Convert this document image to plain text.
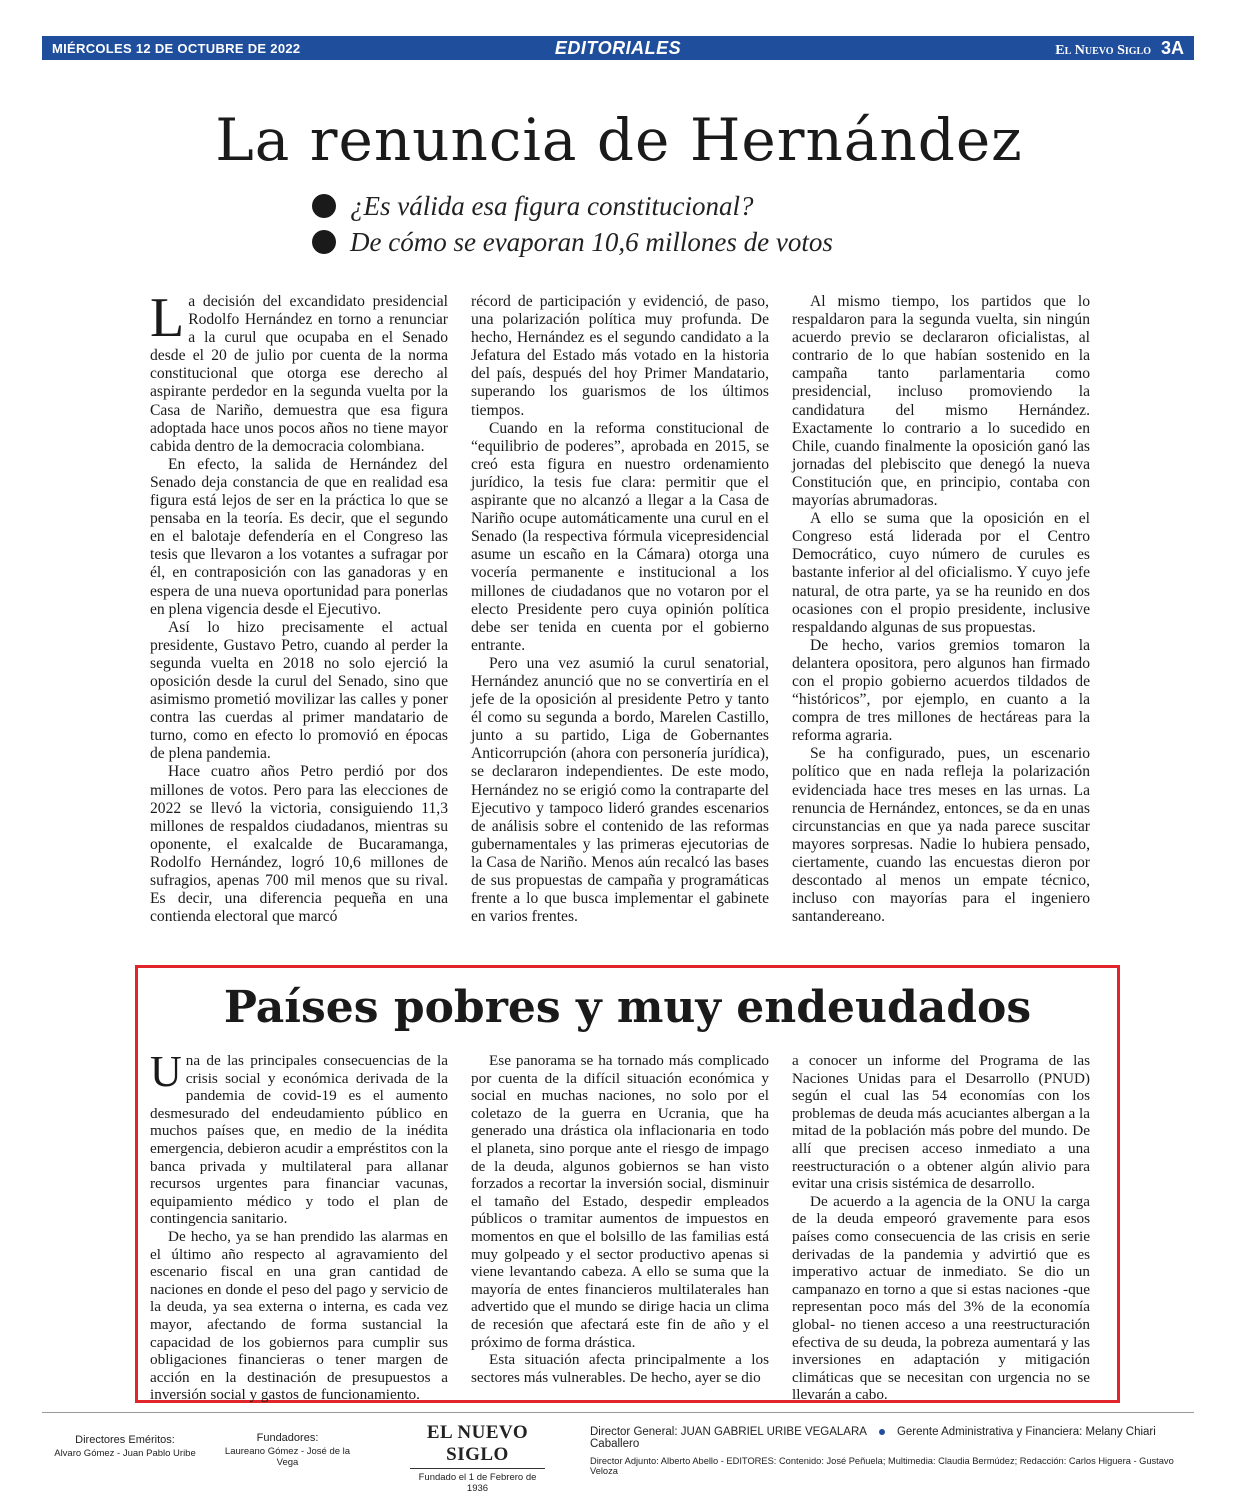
MIÉRCOLES 12 DE OCTUBRE DE 2022	EDITORIALES	El Nuevo Siglo 3A
La renuncia de Hernández
¿Es válida esa figura constitucional?
De cómo se evaporan 10,6 millones de votos

La decisión del excandidato presidencial Rodolfo Hernández en torno a renunciar a la curul que ocupaba en el Senado desde el 20 de julio por cuenta de la norma constitucional que otorga ese derecho al aspirante perdedor en la segunda vuelta por la Casa de Nariño, demuestra que esa figura adoptada hace unos pocos años no tiene mayor cabida dentro de la democracia colombiana.

En efecto, la salida de Hernández del Senado deja constancia de que en realidad esa figura está lejos de ser en la práctica lo que se pensaba en la teoría. Es decir, que el segundo en el balotaje defendería en el Congreso las tesis que llevaron a los votantes a sufragar por él, en contraposición con las ganadoras y en espera de una nueva oportunidad para ponerlas en plena vigencia desde el Ejecutivo.

Así lo hizo precisamente el actual presidente, Gustavo Petro, cuando al perder la segunda vuelta en 2018 no solo ejerció la oposición desde la curul del Senado, sino que asimismo prometió movilizar las calles y poner contra las cuerdas al primer mandatario de turno, como en efecto lo promovió en épocas de plena pandemia.

Hace cuatro años Petro perdió por dos millones de votos. Pero para las elecciones de 2022 se llevó la victoria, consiguiendo 11,3 millones de respaldos ciudadanos, mientras su oponente, el exalcalde de Bucaramanga, Rodolfo Hernández, logró 10,6 millones de sufragios, apenas 700 mil menos que su rival. Es decir, una diferencia pequeña en una contienda electoral que marcó

récord de participación y evidenció, de paso, una polarización política muy profunda. De hecho, Hernández es el segundo candidato a la Jefatura del Estado más votado en la historia del país, después del hoy Primer Mandatario, superando los guarismos de los últimos tiempos.

Cuando en la reforma constitucional de “equilibrio de poderes”, aprobada en 2015, se creó esta figura en nuestro ordenamiento jurídico, la tesis fue clara: permitir que el aspirante que no alcanzó a llegar a la Casa de Nariño ocupe automáticamente una curul en el Senado (la respectiva fórmula vicepresidencial asume un escaño en la Cámara) otorga una vocería permanente e institucional a los millones de ciudadanos que no votaron por el electo Presidente pero cuya opinión política debe ser tenida en cuenta por el gobierno entrante.

Pero una vez asumió la curul senatorial, Hernández anunció que no se convertiría en el jefe de la oposición al presidente Petro y tanto él como su segunda a bordo, Marelen Castillo, junto a su partido, Liga de Gobernantes Anticorrupción (ahora con personería jurídica), se declararon independientes. De este modo, Hernández no se erigió como la contraparte del Ejecutivo y tampoco lideró grandes escenarios de análisis sobre el contenido de las reformas gubernamentales y las primeras ejecutorias de la Casa de Nariño. Menos aún recalcó las bases de sus propuestas de campaña y programáticas frente a lo que busca implementar el gabinete en varios frentes.

Al mismo tiempo, los partidos que lo respaldaron para la segunda vuelta, sin ningún acuerdo previo se declararon oficialistas, al contrario de lo que habían sostenido en la campaña tanto parlamentaria como presidencial, incluso promoviendo la candidatura del mismo Hernández. Exactamente lo contrario a lo sucedido en Chile, cuando finalmente la oposición ganó las jornadas del plebiscito que denegó la nueva Constitución que, en principio, contaba con mayorías abrumadoras.

A ello se suma que la oposición en el Congreso está liderada por el Centro Democrático, cuyo número de curules es bastante inferior al del oficialismo. Y cuyo jefe natural, de otra parte, ya se ha reunido en dos ocasiones con el propio presidente, inclusive respaldando algunas de sus propuestas.

De hecho, varios gremios tomaron la delantera opositora, pero algunos han firmado con el propio gobierno acuerdos tildados de “históricos”, por ejemplo, en cuanto a la compra de tres millones de hectáreas para la reforma agraria.

Se ha configurado, pues, un escenario político que en nada refleja la polarización evidenciada hace tres meses en las urnas. La renuncia de Hernández, entonces, se da en unas circunstancias en que ya nada parece suscitar mayores sorpresas. Nadie lo hubiera pensado, ciertamente, cuando las encuestas dieron por descontado al menos un empate técnico, incluso con mayorías para el ingeniero santandereano.

Países pobres y muy endeudados

Una de las principales consecuencias de la crisis social y económica derivada de la pandemia de covid-19 es el aumento desmesurado del endeudamiento público en muchos países que, en medio de la inédita emergencia, debieron acudir a empréstitos con la banca privada y multilateral para allanar recursos urgentes para financiar vacunas, equipamiento médico y todo el plan de contingencia sanitario.

De hecho, ya se han prendido las alarmas en el último año respecto al agravamiento del escenario fiscal en una gran cantidad de naciones en donde el peso del pago y servicio de la deuda, ya sea externa o interna, es cada vez mayor, afectando de forma sustancial la capacidad de los gobiernos para cumplir sus obligaciones financieras o tener margen de acción en la destinación de presupuestos a inversión social y gastos de funcionamiento.

Ese panorama se ha tornado más complicado por cuenta de la difícil situación económica y social en muchas naciones, no solo por el coletazo de la guerra en Ucrania, que ha generado una drástica ola inflacionaria en todo el planeta, sino porque ante el riesgo de impago de la deuda, algunos gobiernos se han visto forzados a recortar la inversión social, disminuir el tamaño del Estado, despedir empleados públicos o tramitar aumentos de impuestos en momentos en que el bolsillo de las familias está muy golpeado y el sector productivo apenas si viene levantando cabeza. A ello se suma que la mayoría de entes financieros multilaterales han advertido que el mundo se dirige hacia un clima de recesión que afectará este fin de año y el próximo de forma drástica.

Esta situación afecta principalmente a los sectores más vulnerables. De hecho, ayer se dio

a conocer un informe del Programa de las Naciones Unidas para el Desarrollo (PNUD) según el cual las 54 economías con los problemas de deuda más acuciantes albergan a la mitad de la población más pobre del mundo. De allí que precisen acceso inmediato a una reestructuración o a obtener algún alivio para evitar una crisis sistémica de desarrollo.

De acuerdo a la agencia de la ONU la carga de la deuda empeoró gravemente para esos países como consecuencia de las crisis en serie derivadas de la pandemia y advirtió que es imperativo actuar de inmediato. Se dio un campanazo en torno a que si estas naciones -que representan poco más del 3% de la economía global- no tienen acceso a una reestructuración efectiva de su deuda, la pobreza aumentará y las inversiones en adaptación y mitigación climáticas que se necesitan con urgencia no se llevarán a cabo.

Directores Eméritos:
Alvaro Gómez - Juan Pablo Uribe
Fundadores:
Laureano Gómez - José de la Vega
EL NUEVO SIGLO
Fundado el 1 de Febrero de 1936
Director General: JUAN GABRIEL URIBE VEGALARA	Gerente Administrativa y Financiera: Melany Chiari Caballero
Director Adjunto: Alberto Abello - EDITORES: Contenido: José Peñuela; Multimedia: Claudia Bermúdez; Redacción: Carlos Higuera - Gustavo Veloza
